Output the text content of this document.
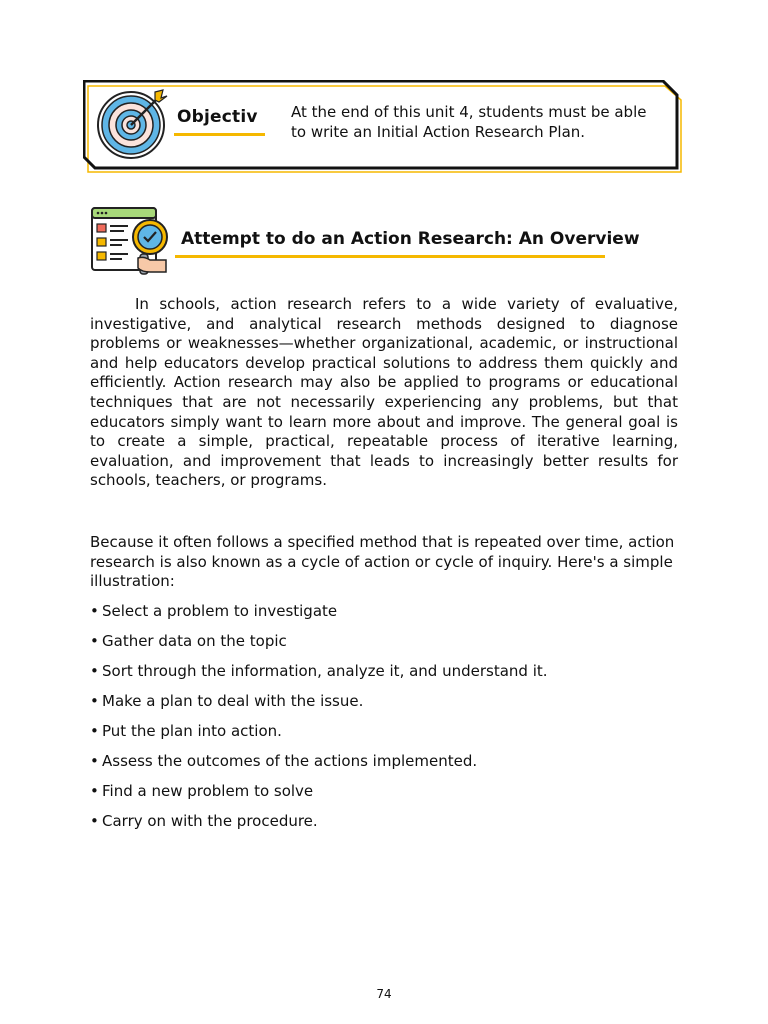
Objectiv At the end of this unit 4, students must be able to write an Initial Action Research Plan.
Attempt to do an Action Research: An Overview

In schools, action research refers to a wide variety of evaluative, investigative, and analytical research methods designed to diagnose problems or weaknesses—whether organizational, academic, or instructional and help educators develop practical solutions to address them quickly and efficiently. Action research may also be applied to programs or educational techniques that are not necessarily experiencing any problems, but that educators simply want to learn more about and improve. The general goal is to create a simple, practical, repeatable process of iterative learning, evaluation, and improvement that leads to increasingly better results for schools, teachers, or programs.

Because it often follows a specified method that is repeated over time, action research is also known as a cycle of action or cycle of inquiry. Here's a simple illustration:

• Select a problem to investigate
• Gather data on the topic
• Sort through the information, analyze it, and understand it.
• Make a plan to deal with the issue.
• Put the plan into action.
• Assess the outcomes of the actions implemented.
• Find a new problem to solve
• Carry on with the procedure.
74
